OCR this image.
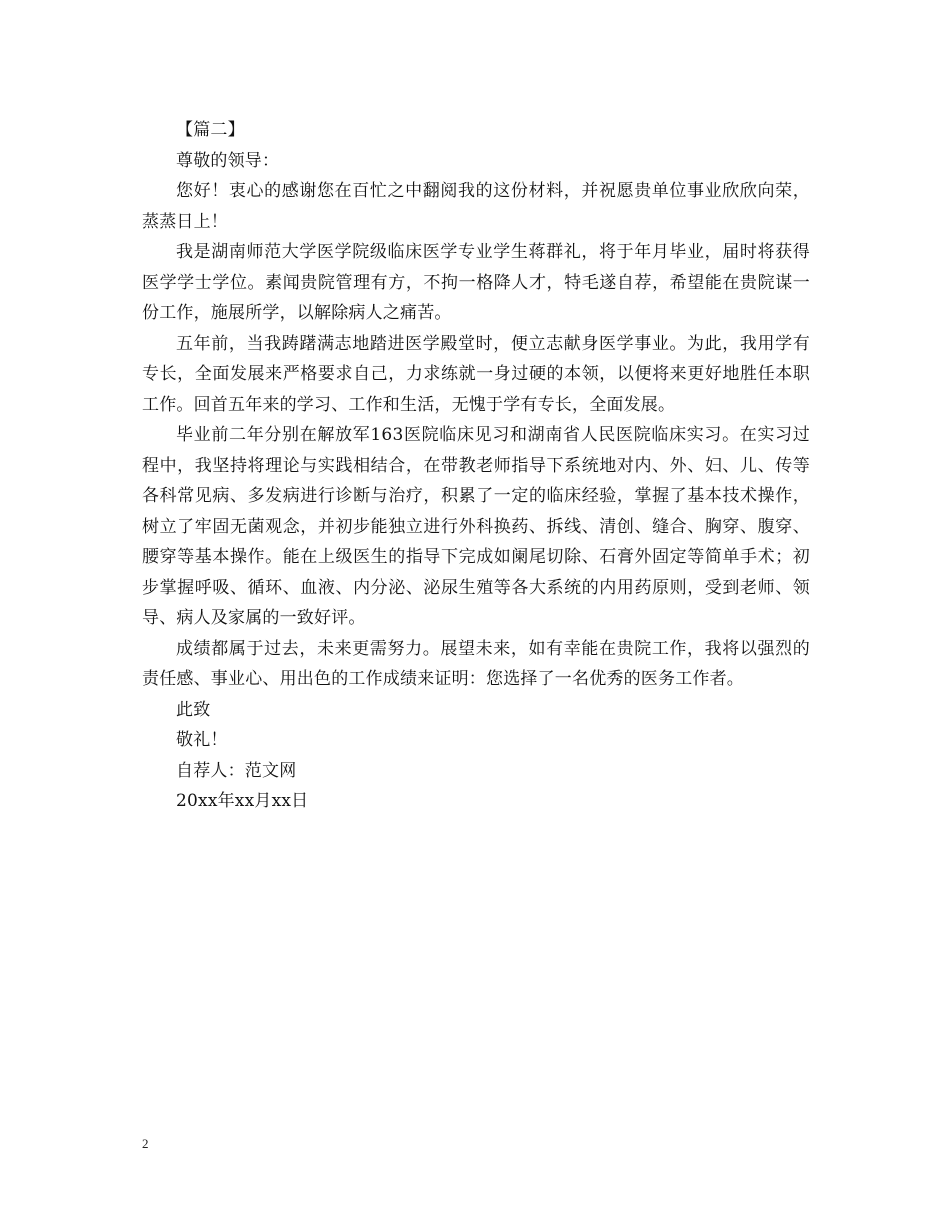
【篇二】

尊敬的领导：

您好！衷心的感谢您在百忙之中翻阅我的这份材料，并祝愿贵单位事业欣欣向荣，蒸蒸日上！

我是湖南师范大学医学院级临床医学专业学生蒋群礼，将于年月毕业，届时将获得医学学士学位。素闻贵院管理有方，不拘一格降人才，特毛遂自荐，希望能在贵院谋一份工作，施展所学，以解除病人之痛苦。

五年前，当我踌躇满志地踏进医学殿堂时，便立志献身医学事业。为此，我用学有专长，全面发展来严格要求自己，力求练就一身过硬的本领，以便将来更好地胜任本职工作。回首五年来的学习、工作和生活，无愧于学有专长，全面发展。

毕业前二年分别在解放军163医院临床见习和湖南省人民医院临床实习。在实习过程中，我坚持将理论与实践相结合，在带教老师指导下系统地对内、外、妇、儿、传等各科常见病、多发病进行诊断与治疗，积累了一定的临床经验，掌握了基本技术操作，树立了牢固无菌观念，并初步能独立进行外科换药、拆线、清创、缝合、胸穿、腹穿、腰穿等基本操作。能在上级医生的指导下完成如阑尾切除、石膏外固定等简单手术；初步掌握呼吸、循环、血液、内分泌、泌尿生殖等各大系统的内用药原则，受到老师、领导、病人及家属的一致好评。

成绩都属于过去，未来更需努力。展望未来，如有幸能在贵院工作，我将以强烈的责任感、事业心、用出色的工作成绩来证明：您选择了一名优秀的医务工作者。

此致

敬礼！

自荐人：范文网

20xx年xx月xx日

2
